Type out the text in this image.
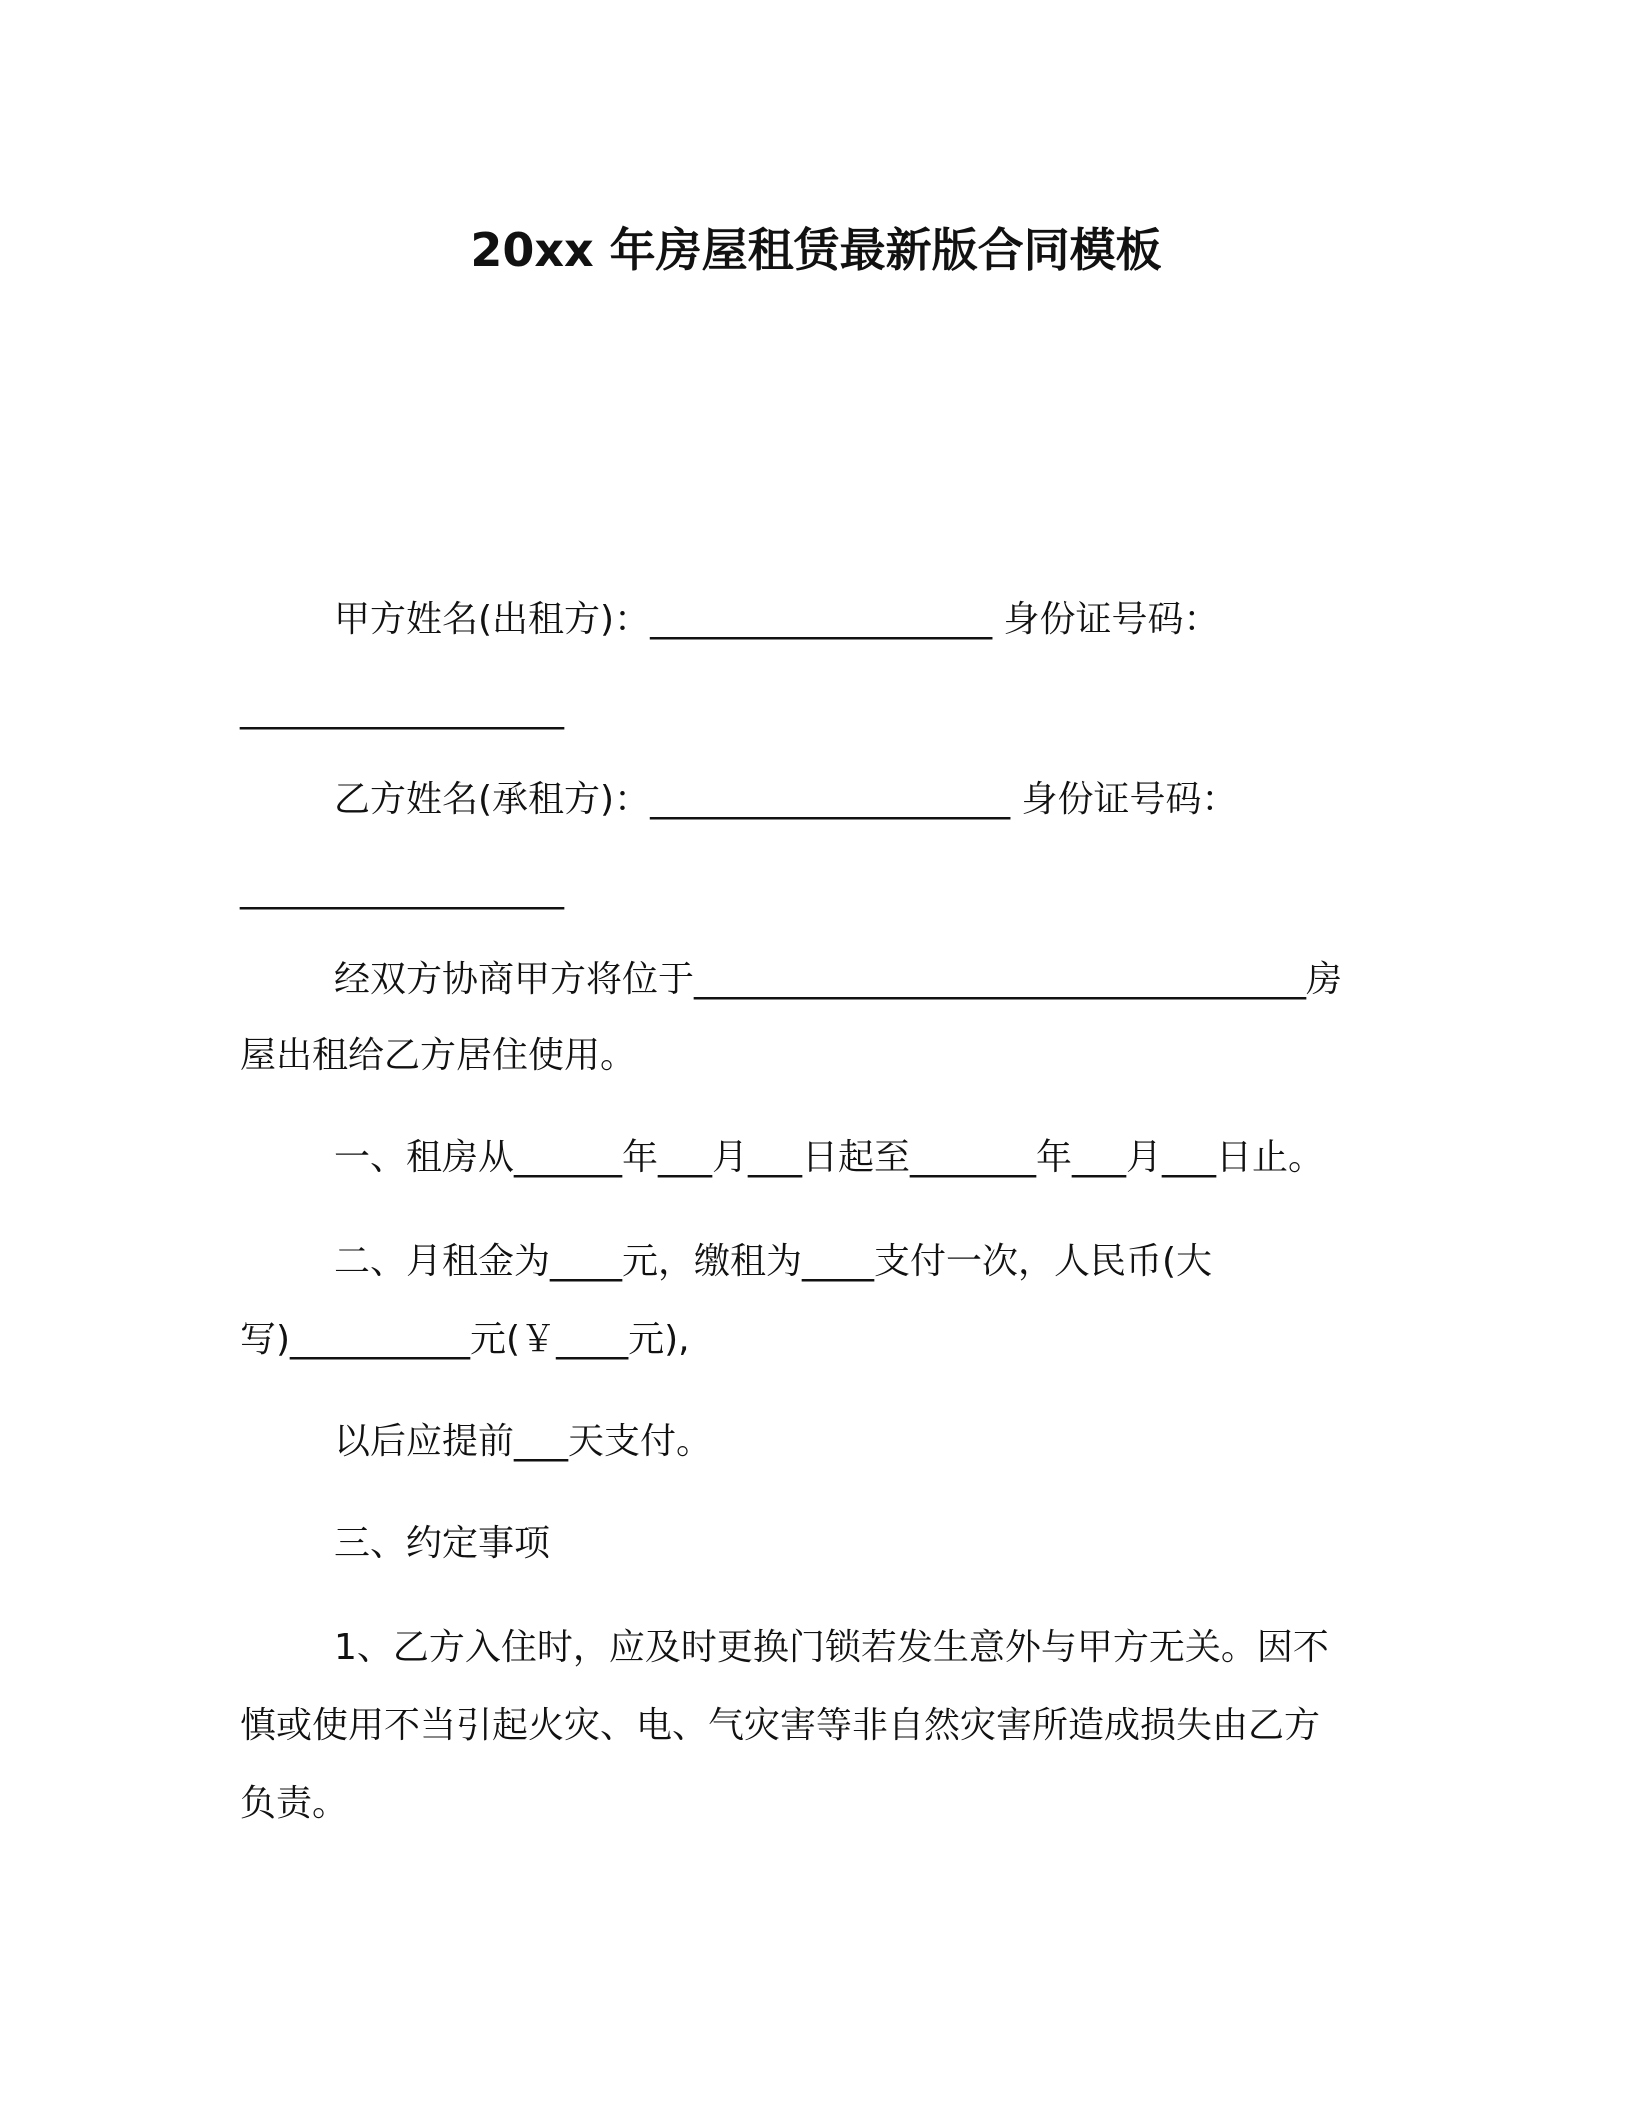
20xx 年房屋租赁最新版合同模板
甲方姓名(出租方)：___________________ 身份证号码：
__________________
乙方姓名(承租方)：____________________ 身份证号码：
__________________
经双方协商甲方将位于__________________________________房
屋出租给乙方居住使用。
一、租房从______年___月___日起至_______年___月___日止。
二、月租金为____元，缴租为____支付一次，人民币(大
写)__________元(￥____元),
以后应提前___天支付。
三、约定事项
1、乙方入住时，应及时更换门锁若发生意外与甲方无关。因不
慎或使用不当引起火灾、电、气灾害等非自然灾害所造成损失由乙方
负责。
